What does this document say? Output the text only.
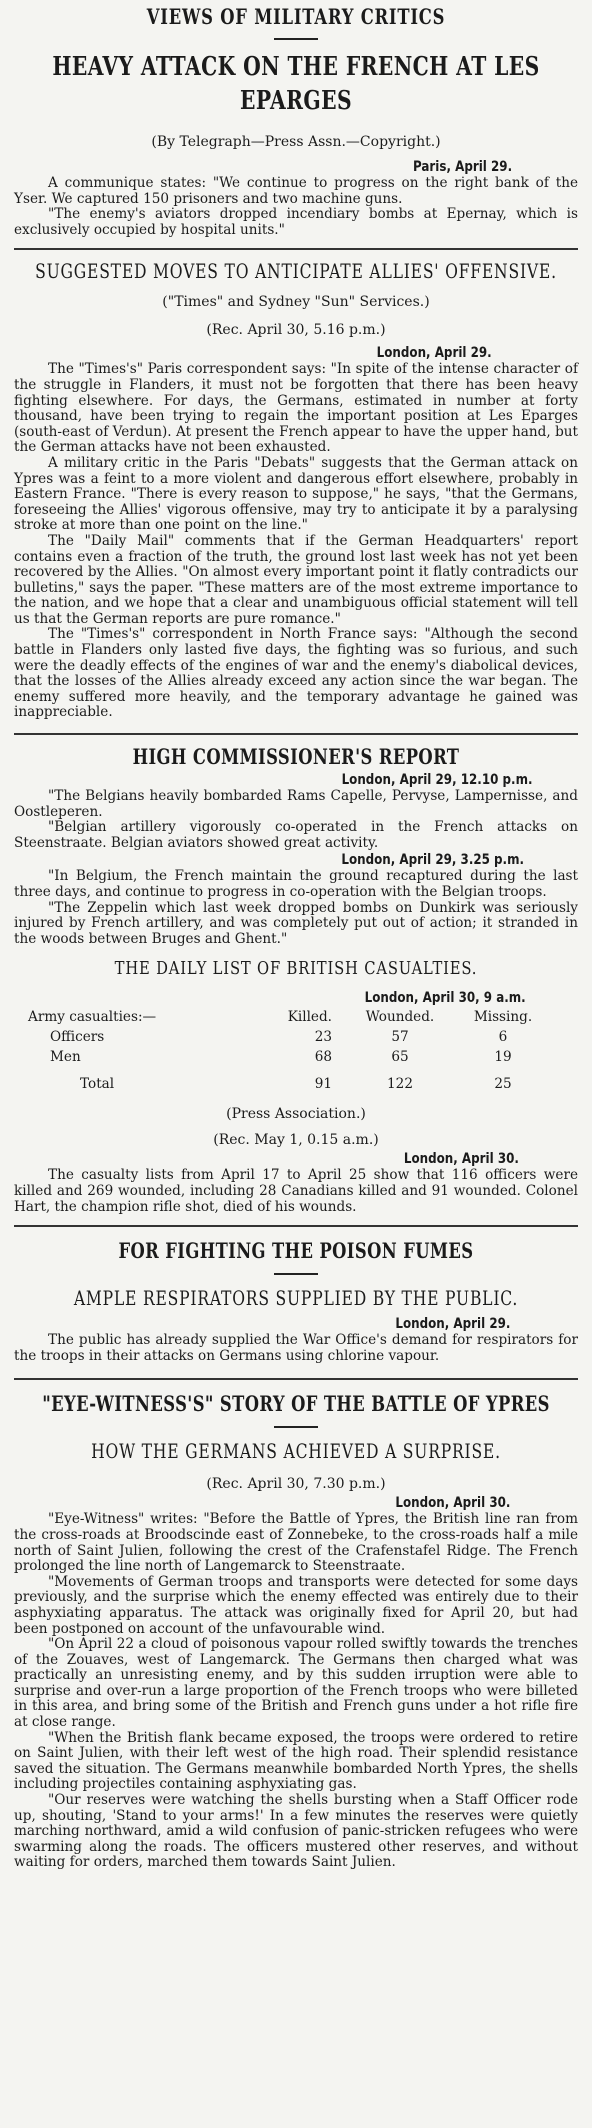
VIEWS OF MILITARY CRITICS
HEAVY ATTACK ON THE FRENCH AT LES EPARGES
(By Telegraph—Press Assn.—Copyright.)
Paris, April 29.

A communique states: "We continue to progress on the right bank of the Yser. We captured 150 prisoners and two machine guns.

"The enemy's aviators dropped incendiary bombs at Epernay, which is exclusively occupied by hospital units."

SUGGESTED MOVES TO ANTICIPATE ALLIES' OFFENSIVE.
("Times" and Sydney "Sun" Services.)
(Rec. April 30, 5.16 p.m.)
London, April 29.

The "Times's" Paris correspondent says: "In spite of the intense character of the struggle in Flanders, it must not be forgotten that there has been heavy fighting elsewhere. For days, the Germans, estimated in number at forty thousand, have been trying to regain the important position at Les Eparges (south-east of Verdun). At present the French appear to have the upper hand, but the German attacks have not been exhausted.

A military critic in the Paris "Debats" suggests that the German attack on Ypres was a feint to a more violent and dangerous effort elsewhere, probably in Eastern France. "There is every reason to suppose," he says, "that the Germans, foreseeing the Allies' vigorous offensive, may try to anticipate it by a paralysing stroke at more than one point on the line."

The "Daily Mail" comments that if the German Headquarters' report contains even a fraction of the truth, the ground lost last week has not yet been recovered by the Allies. "On almost every important point it flatly contradicts our bulletins," says the paper. "These matters are of the most extreme importance to the nation, and we hope that a clear and unambiguous official statement will tell us that the German reports are pure romance."

The "Times's" correspondent in North France says: "Although the second battle in Flanders only lasted five days, the fighting was so furious, and such were the deadly effects of the engines of war and the enemy's diabolical devices, that the losses of the Allies already exceed any action since the war began. The enemy suffered more heavily, and the temporary advantage he gained was inappreciable.

HIGH COMMISSIONER'S REPORT
London, April 29, 12.10 p.m.

"The Belgians heavily bombarded Rams Capelle, Pervyse, Lampernisse, and Oostleperen.

"Belgian artillery vigorously co-operated in the French attacks on Steenstraate. Belgian aviators showed great activity.

London, April 29, 3.25 p.m.

"In Belgium, the French maintain the ground recaptured during the last three days, and continue to progress in co-operation with the Belgian troops.

"The Zeppelin which last week dropped bombs on Dunkirk was seriously injured by French artillery, and was completely put out of action; it stranded in the woods between Bruges and Ghent."

THE DAILY LIST OF BRITISH CASUALTIES.
London, April 30, 9 a.m.
Army casualties:—	Killed.	Wounded.	Missing.
Officers	23	57	6
Men	68	65	19
Total	91	122	25
(Press Association.)
(Rec. May 1, 0.15 a.m.)
London, April 30.

The casualty lists from April 17 to April 25 show that 116 officers were killed and 269 wounded, including 28 Canadians killed and 91 wounded. Colonel Hart, the champion rifle shot, died of his wounds.

FOR FIGHTING THE POISON FUMES
AMPLE RESPIRATORS SUPPLIED BY THE PUBLIC.
London, April 29.

The public has already supplied the War Office's demand for respirators for the troops in their attacks on Germans using chlorine vapour.

"EYE-WITNESS'S" STORY OF THE BATTLE OF YPRES
HOW THE GERMANS ACHIEVED A SURPRISE.
(Rec. April 30, 7.30 p.m.)
London, April 30.

"Eye-Witness" writes: "Before the Battle of Ypres, the British line ran from the cross-roads at Broodscinde east of Zonnebeke, to the cross-roads half a mile north of Saint Julien, following the crest of the Crafenstafel Ridge. The French prolonged the line north of Langemarck to Steenstraate.

"Movements of German troops and transports were detected for some days previously, and the surprise which the enemy effected was entirely due to their asphyxiating apparatus. The attack was originally fixed for April 20, but had been postponed on account of the unfavourable wind.

"On April 22 a cloud of poisonous vapour rolled swiftly towards the trenches of the Zouaves, west of Langemarck. The Germans then charged what was practically an unresisting enemy, and by this sudden irruption were able to surprise and over-run a large proportion of the French troops who were billeted in this area, and bring some of the British and French guns under a hot rifle fire at close range.

"When the British flank became exposed, the troops were ordered to retire on Saint Julien, with their left west of the high road. Their splendid resistance saved the situation. The Germans meanwhile bombarded North Ypres, the shells including projectiles containing asphyxiating gas.

"Our reserves were watching the shells bursting when a Staff Officer rode up, shouting, 'Stand to your arms!' In a few minutes the reserves were quietly marching northward, amid a wild confusion of panic-stricken refugees who were swarming along the roads. The officers mustered other reserves, and without waiting for orders, marched them towards Saint Julien.
